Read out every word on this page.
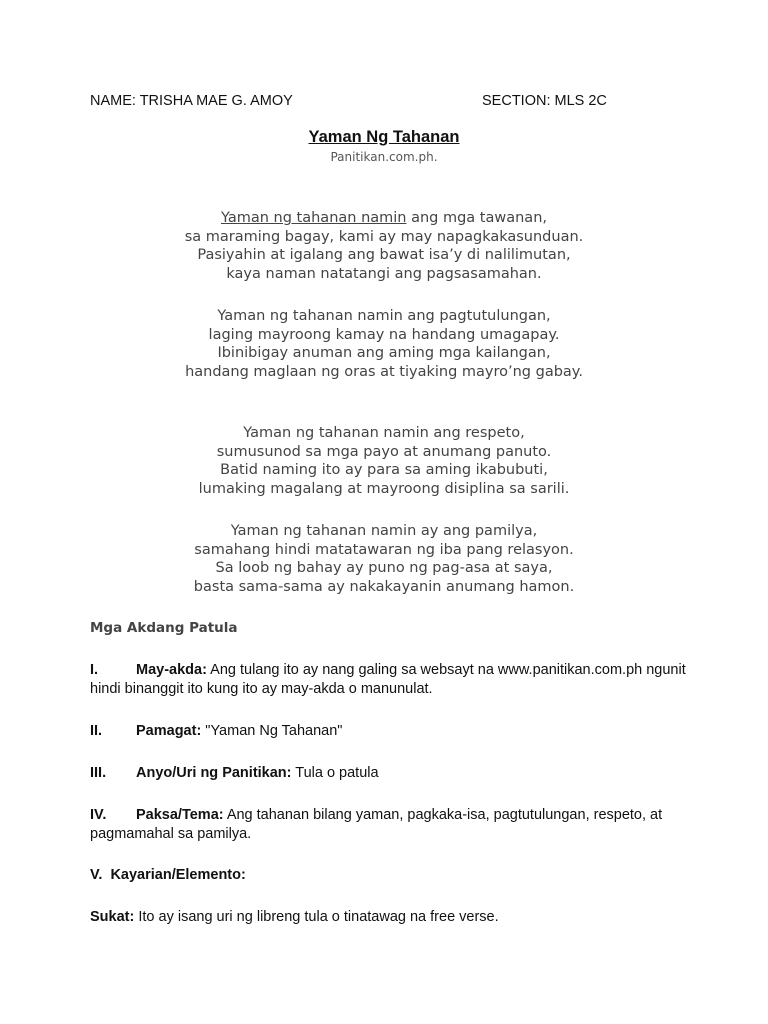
NAME: TRISHA MAE G. AMOY	SECTION: MLS 2C
Yaman Ng Tahanan
Panitikan.com.ph.
Yaman ng tahanan namin ang mga tawanan,
sa maraming bagay, kami ay may napagkakasunduan.
Pasiyahin at igalang ang bawat isa’y di nalilimutan,
kaya naman natatangi ang pagsasamahan.
Yaman ng tahanan namin ang pagtutulungan,
laging mayroong kamay na handang umagapay.
Ibinibigay anuman ang aming mga kailangan,
handang maglaan ng oras at tiyaking mayro’ng gabay.
Yaman ng tahanan namin ang respeto,
sumusunod sa mga payo at anumang panuto.
Batid naming ito ay para sa aming ikabubuti,
lumaking magalang at mayroong disiplina sa sarili.
Yaman ng tahanan namin ay ang pamilya,
samahang hindi matatawaran ng iba pang relasyon.
Sa loob ng bahay ay puno ng pag-asa at saya,
basta sama-sama ay nakakayanin anumang hamon.
Mga Akdang Patula
I.	May-akda: Ang tulang ito ay nang galing sa websayt na www.panitikan.com.ph ngunit hindi binanggit ito kung ito ay may-akda o manunulat.
II. Pamagat: "Yaman Ng Tahanan"
III. Anyo/Uri ng Panitikan: Tula o patula
IV. Paksa/Tema: Ang tahanan bilang yaman, pagkaka-isa, pagtutulungan, respeto, at pagmamahal sa pamilya.
V. Kayarian/Elemento:
Sukat: Ito ay isang uri ng libreng tula o tinatawag na free verse.
